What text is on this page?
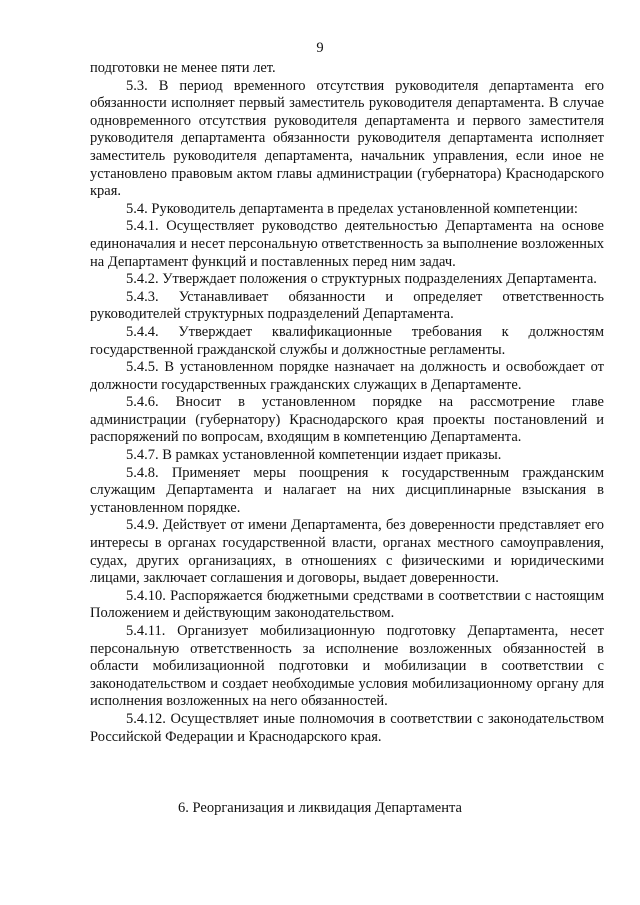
9

подготовки не менее пяти лет.

5.3. В период временного отсутствия руководителя департамента его обязанности исполняет первый заместитель руководителя департамента. В случае одновременного отсутствия руководителя департамента и первого заместителя руководителя департамента обязанности руководителя департамента исполняет заместитель руководителя департамента, начальник управления, если иное не установлено правовым актом главы администрации (губернатора) Краснодарского края.

5.4. Руководитель департамента в пределах установленной компетенции:

5.4.1. Осуществляет руководство деятельностью Департамента на основе единоначалия и несет персональную ответственность за выполнение возложенных на Департамент функций и поставленных перед ним задач.

5.4.2. Утверждает положения о структурных подразделениях Департамента.

5.4.3. Устанавливает обязанности и определяет ответственность руководителей структурных подразделений Департамента.

5.4.4. Утверждает квалификационные требования к должностям государственной гражданской службы и должностные регламенты.

5.4.5. В установленном порядке назначает на должность и освобождает от должности государственных гражданских служащих в Департаменте.

5.4.6. Вносит в установленном порядке на рассмотрение главе администрации (губернатору) Краснодарского края проекты постановлений и распоряжений по вопросам, входящим в компетенцию Департамента.

5.4.7. В рамках установленной компетенции издает приказы.

5.4.8. Применяет меры поощрения к государственным гражданским служащим Департамента и налагает на них дисциплинарные взыскания в установленном порядке.

5.4.9. Действует от имени Департамента, без доверенности представляет его интересы в органах государственной власти, органах местного самоуправления, судах, других организациях, в отношениях с физическими и юридическими лицами, заключает соглашения и договоры, выдает доверенности.

5.4.10. Распоряжается бюджетными средствами в соответствии с настоящим Положением и действующим законодательством.

5.4.11. Организует мобилизационную подготовку Департамента, несет персональную ответственность за исполнение возложенных обязанностей в области мобилизационной подготовки и мобилизации в соответствии с законодательством и создает необходимые условия мобилизационному органу для исполнения возложенных на него обязанностей.

5.4.12. Осуществляет иные полномочия в соответствии с законодательством Российской Федерации и Краснодарского края.

6. Реорганизация и ликвидация Департамента
